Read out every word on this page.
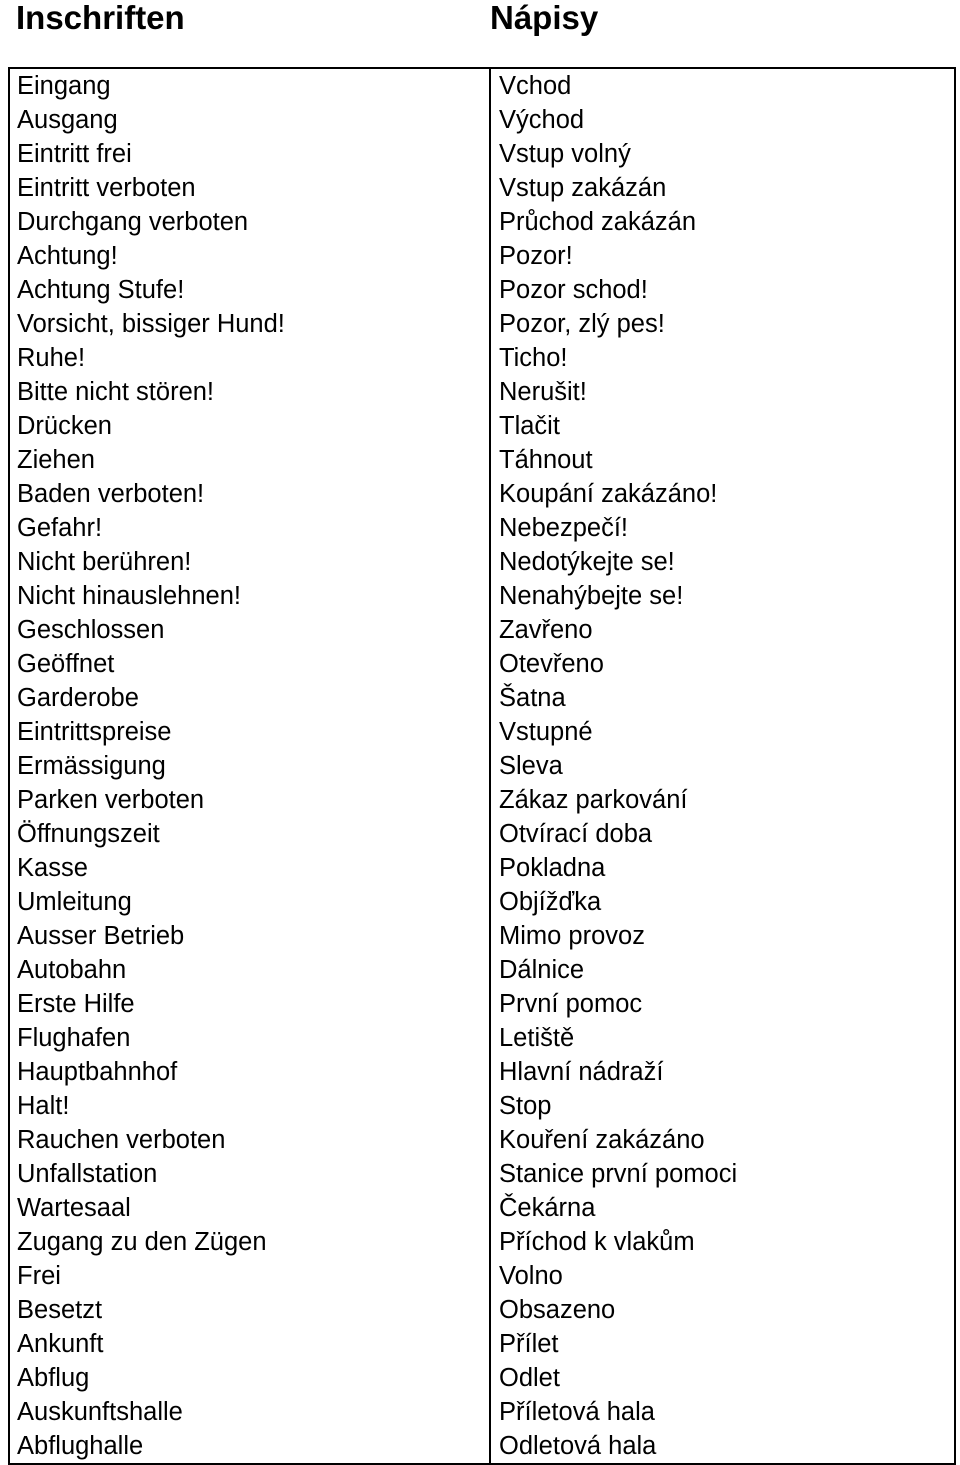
Inschriften	Nápisy
Eingang
Ausgang
Eintritt frei
Eintritt verboten
Durchgang verboten
Achtung!
Achtung Stufe!
Vorsicht, bissiger Hund!
Ruhe!
Bitte nicht stören!
Drücken
Ziehen
Baden verboten!
Gefahr!
Nicht berühren!
Nicht hinauslehnen!
Geschlossen
Geöffnet
Garderobe
Eintrittspreise
Ermässigung
Parken verboten
Öffnungszeit
Kasse
Umleitung
Ausser Betrieb
Autobahn
Erste Hilfe
Flughafen
Hauptbahnhof
Halt!
Rauchen verboten
Unfallstation
Wartesaal
Zugang zu den Zügen
Frei
Besetzt
Ankunft
Abflug
Auskunftshalle
Abflughalle
Vchod
Východ
Vstup volný
Vstup zakázán
Průchod zakázán
Pozor!
Pozor schod!
Pozor, zlý pes!
Ticho!
Nerušit!
Tlačit
Táhnout
Koupání zakázáno!
Nebezpečí!
Nedotýkejte se!
Nenahýbejte se!
Zavřeno
Otevřeno
Šatna
Vstupné
Sleva
Zákaz parkování
Otvírací doba
Pokladna
Objížďka
Mimo provoz
Dálnice
První pomoc
Letiště
Hlavní nádraží
Stop
Kouření zakázáno
Stanice první pomoci
Čekárna
Příchod k vlakům
Volno
Obsazeno
Přílet
Odlet
Příletová hala
Odletová hala
